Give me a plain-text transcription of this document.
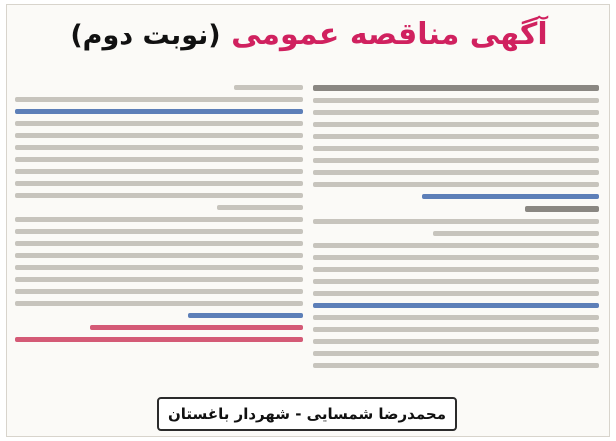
آگهی مناقصه عمومی (نوبت دوم)
محمدرضا شمسایی - شهردار باغستان
